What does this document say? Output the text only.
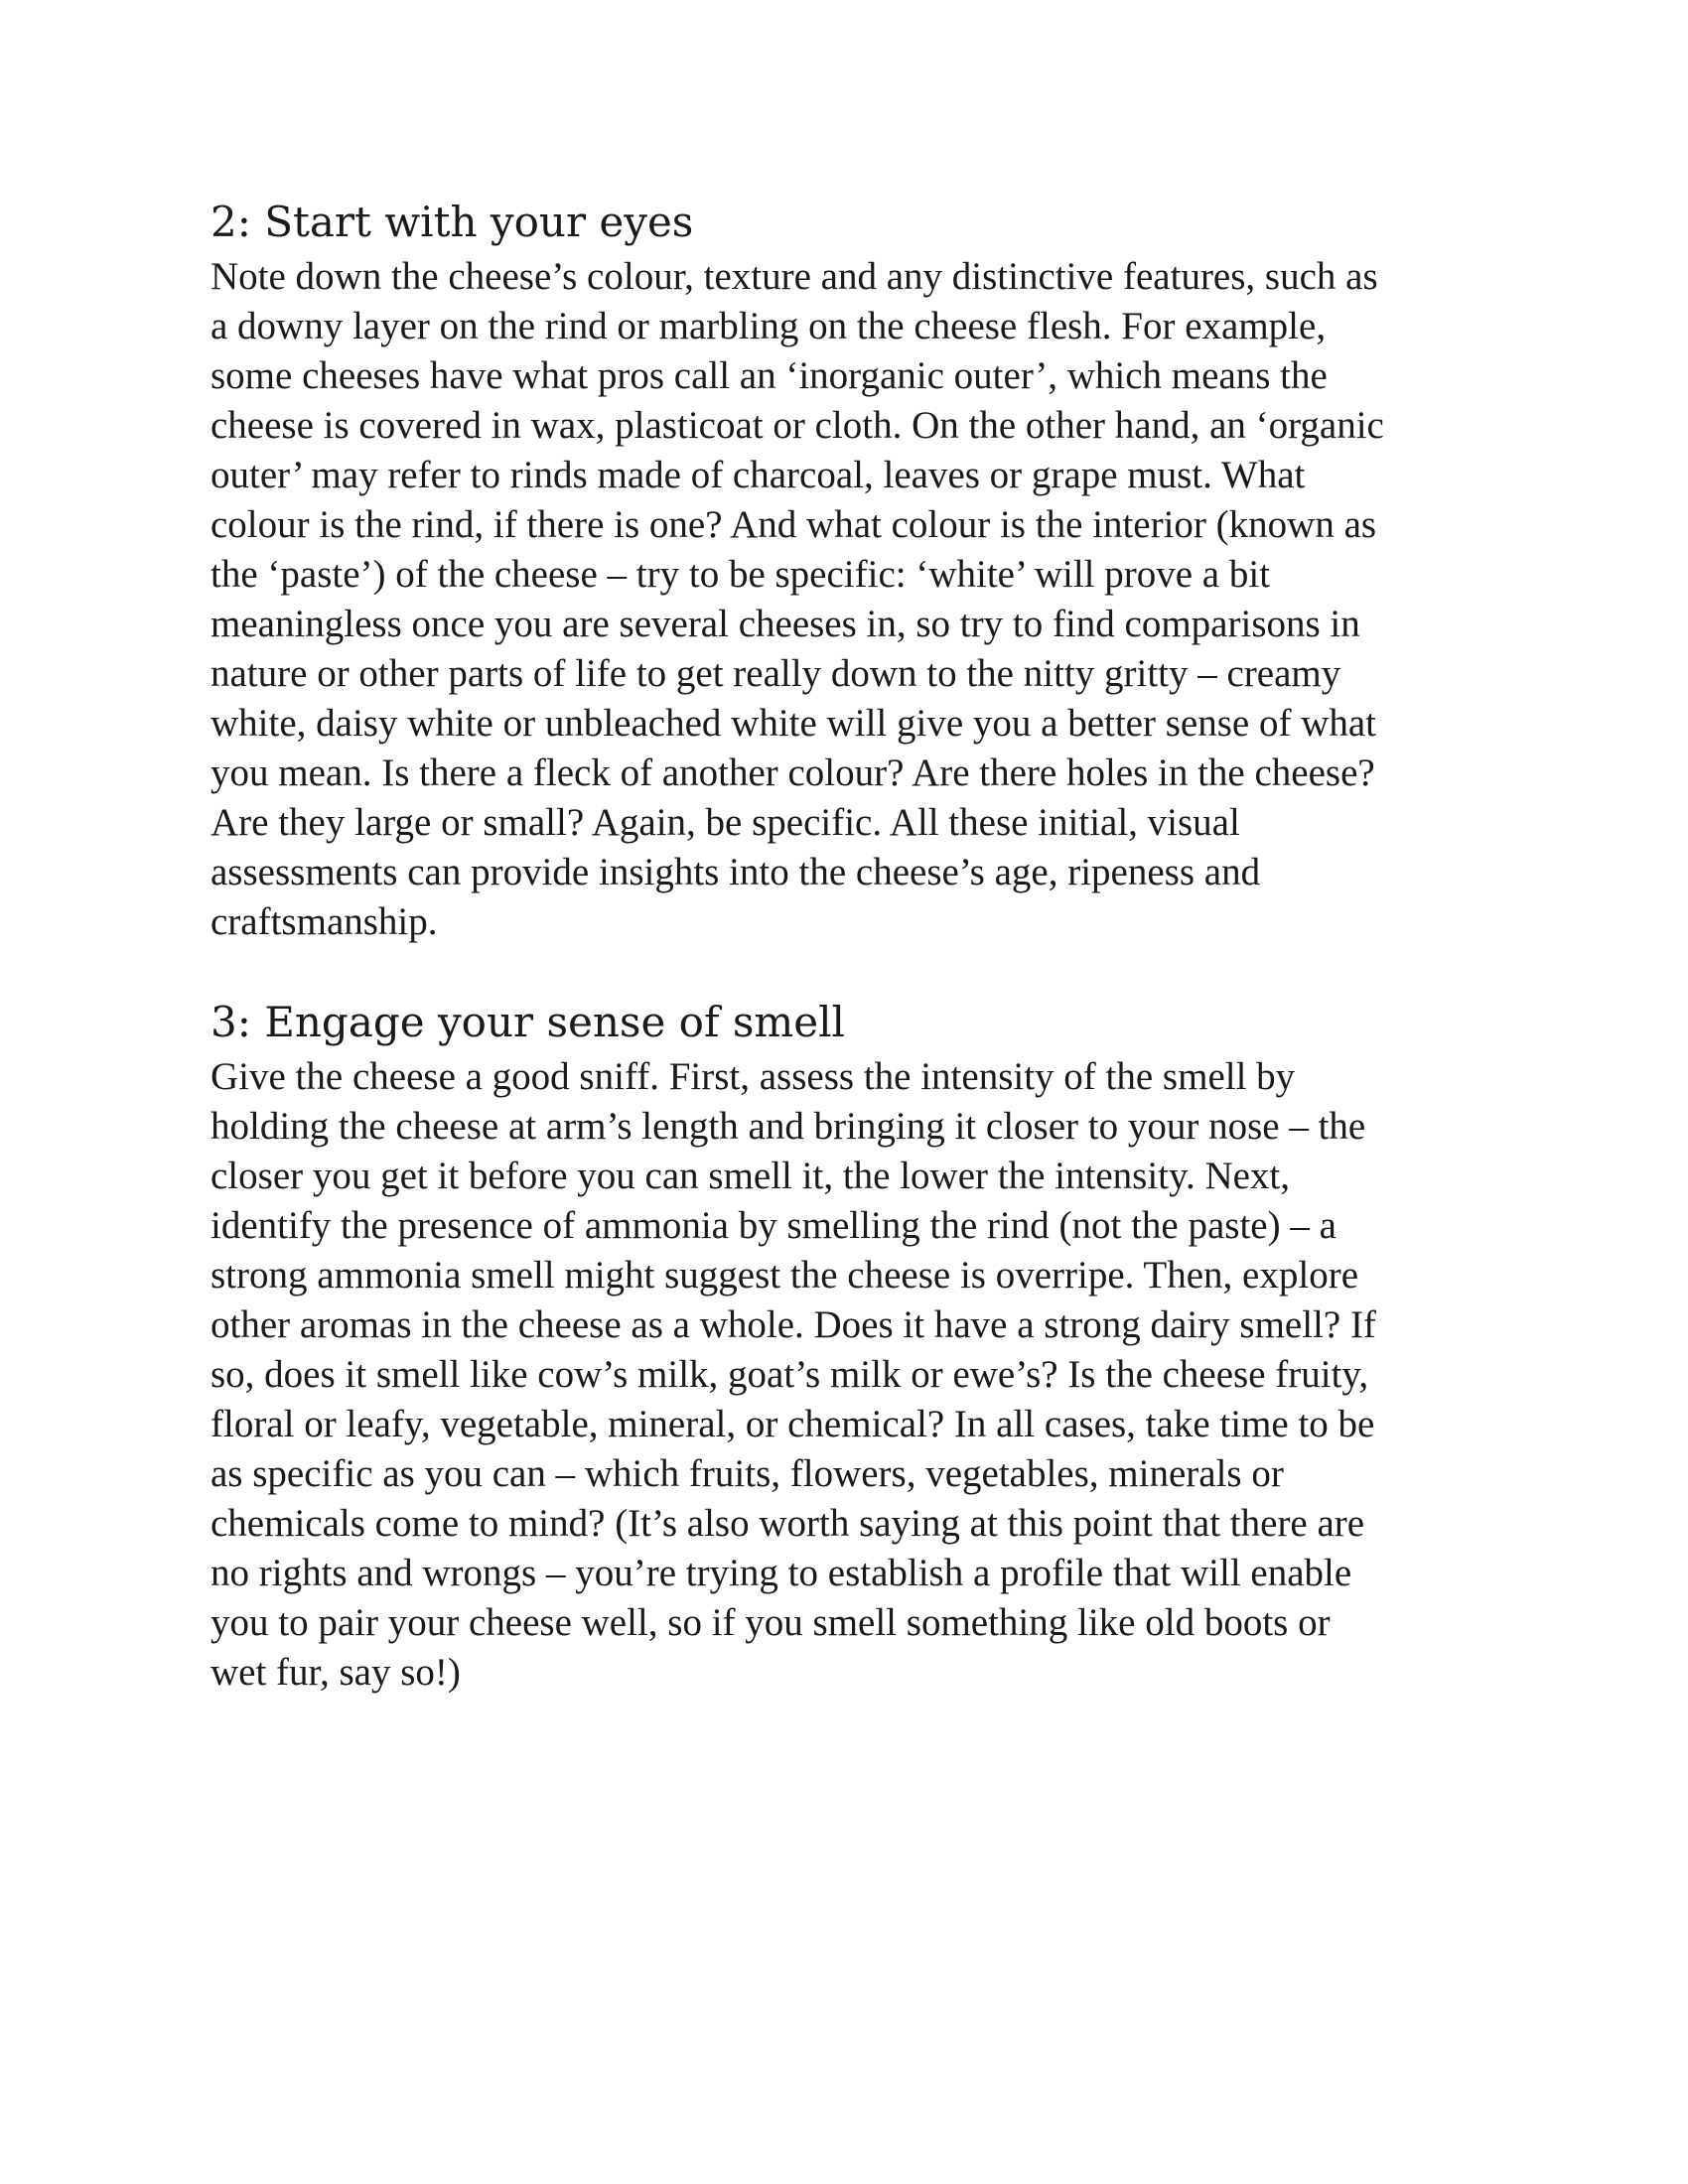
2: Start with your eyes

Note down the cheese’s colour, texture and any distinctive features, such as
a downy layer on the rind or marbling on the cheese flesh. For example,
some cheeses have what pros call an ‘inorganic outer’, which means the
cheese is covered in wax, plasticoat or cloth. On the other hand, an ‘organic
outer’ may refer to rinds made of charcoal, leaves or grape must. What
colour is the rind, if there is one? And what colour is the interior (known as
the ‘paste’) of the cheese – try to be specific: ‘white’ will prove a bit
meaningless once you are several cheeses in, so try to find comparisons in
nature or other parts of life to get really down to the nitty gritty – creamy
white, daisy white or unbleached white will give you a better sense of what
you mean. Is there a fleck of another colour? Are there holes in the cheese?
Are they large or small? Again, be specific. All these initial, visual
assessments can provide insights into the cheese’s age, ripeness and
craftsmanship.

3: Engage your sense of smell

Give the cheese a good sniff. First, assess the intensity of the smell by
holding the cheese at arm’s length and bringing it closer to your nose – the
closer you get it before you can smell it, the lower the intensity. Next,
identify the presence of ammonia by smelling the rind (not the paste) – a
strong ammonia smell might suggest the cheese is overripe. Then, explore
other aromas in the cheese as a whole. Does it have a strong dairy smell? If
so, does it smell like cow’s milk, goat’s milk or ewe’s? Is the cheese fruity,
floral or leafy, vegetable, mineral, or chemical? In all cases, take time to be
as specific as you can – which fruits, flowers, vegetables, minerals or
chemicals come to mind? (It’s also worth saying at this point that there are
no rights and wrongs – you’re trying to establish a profile that will enable
you to pair your cheese well, so if you smell something like old boots or
wet fur, say so!)
